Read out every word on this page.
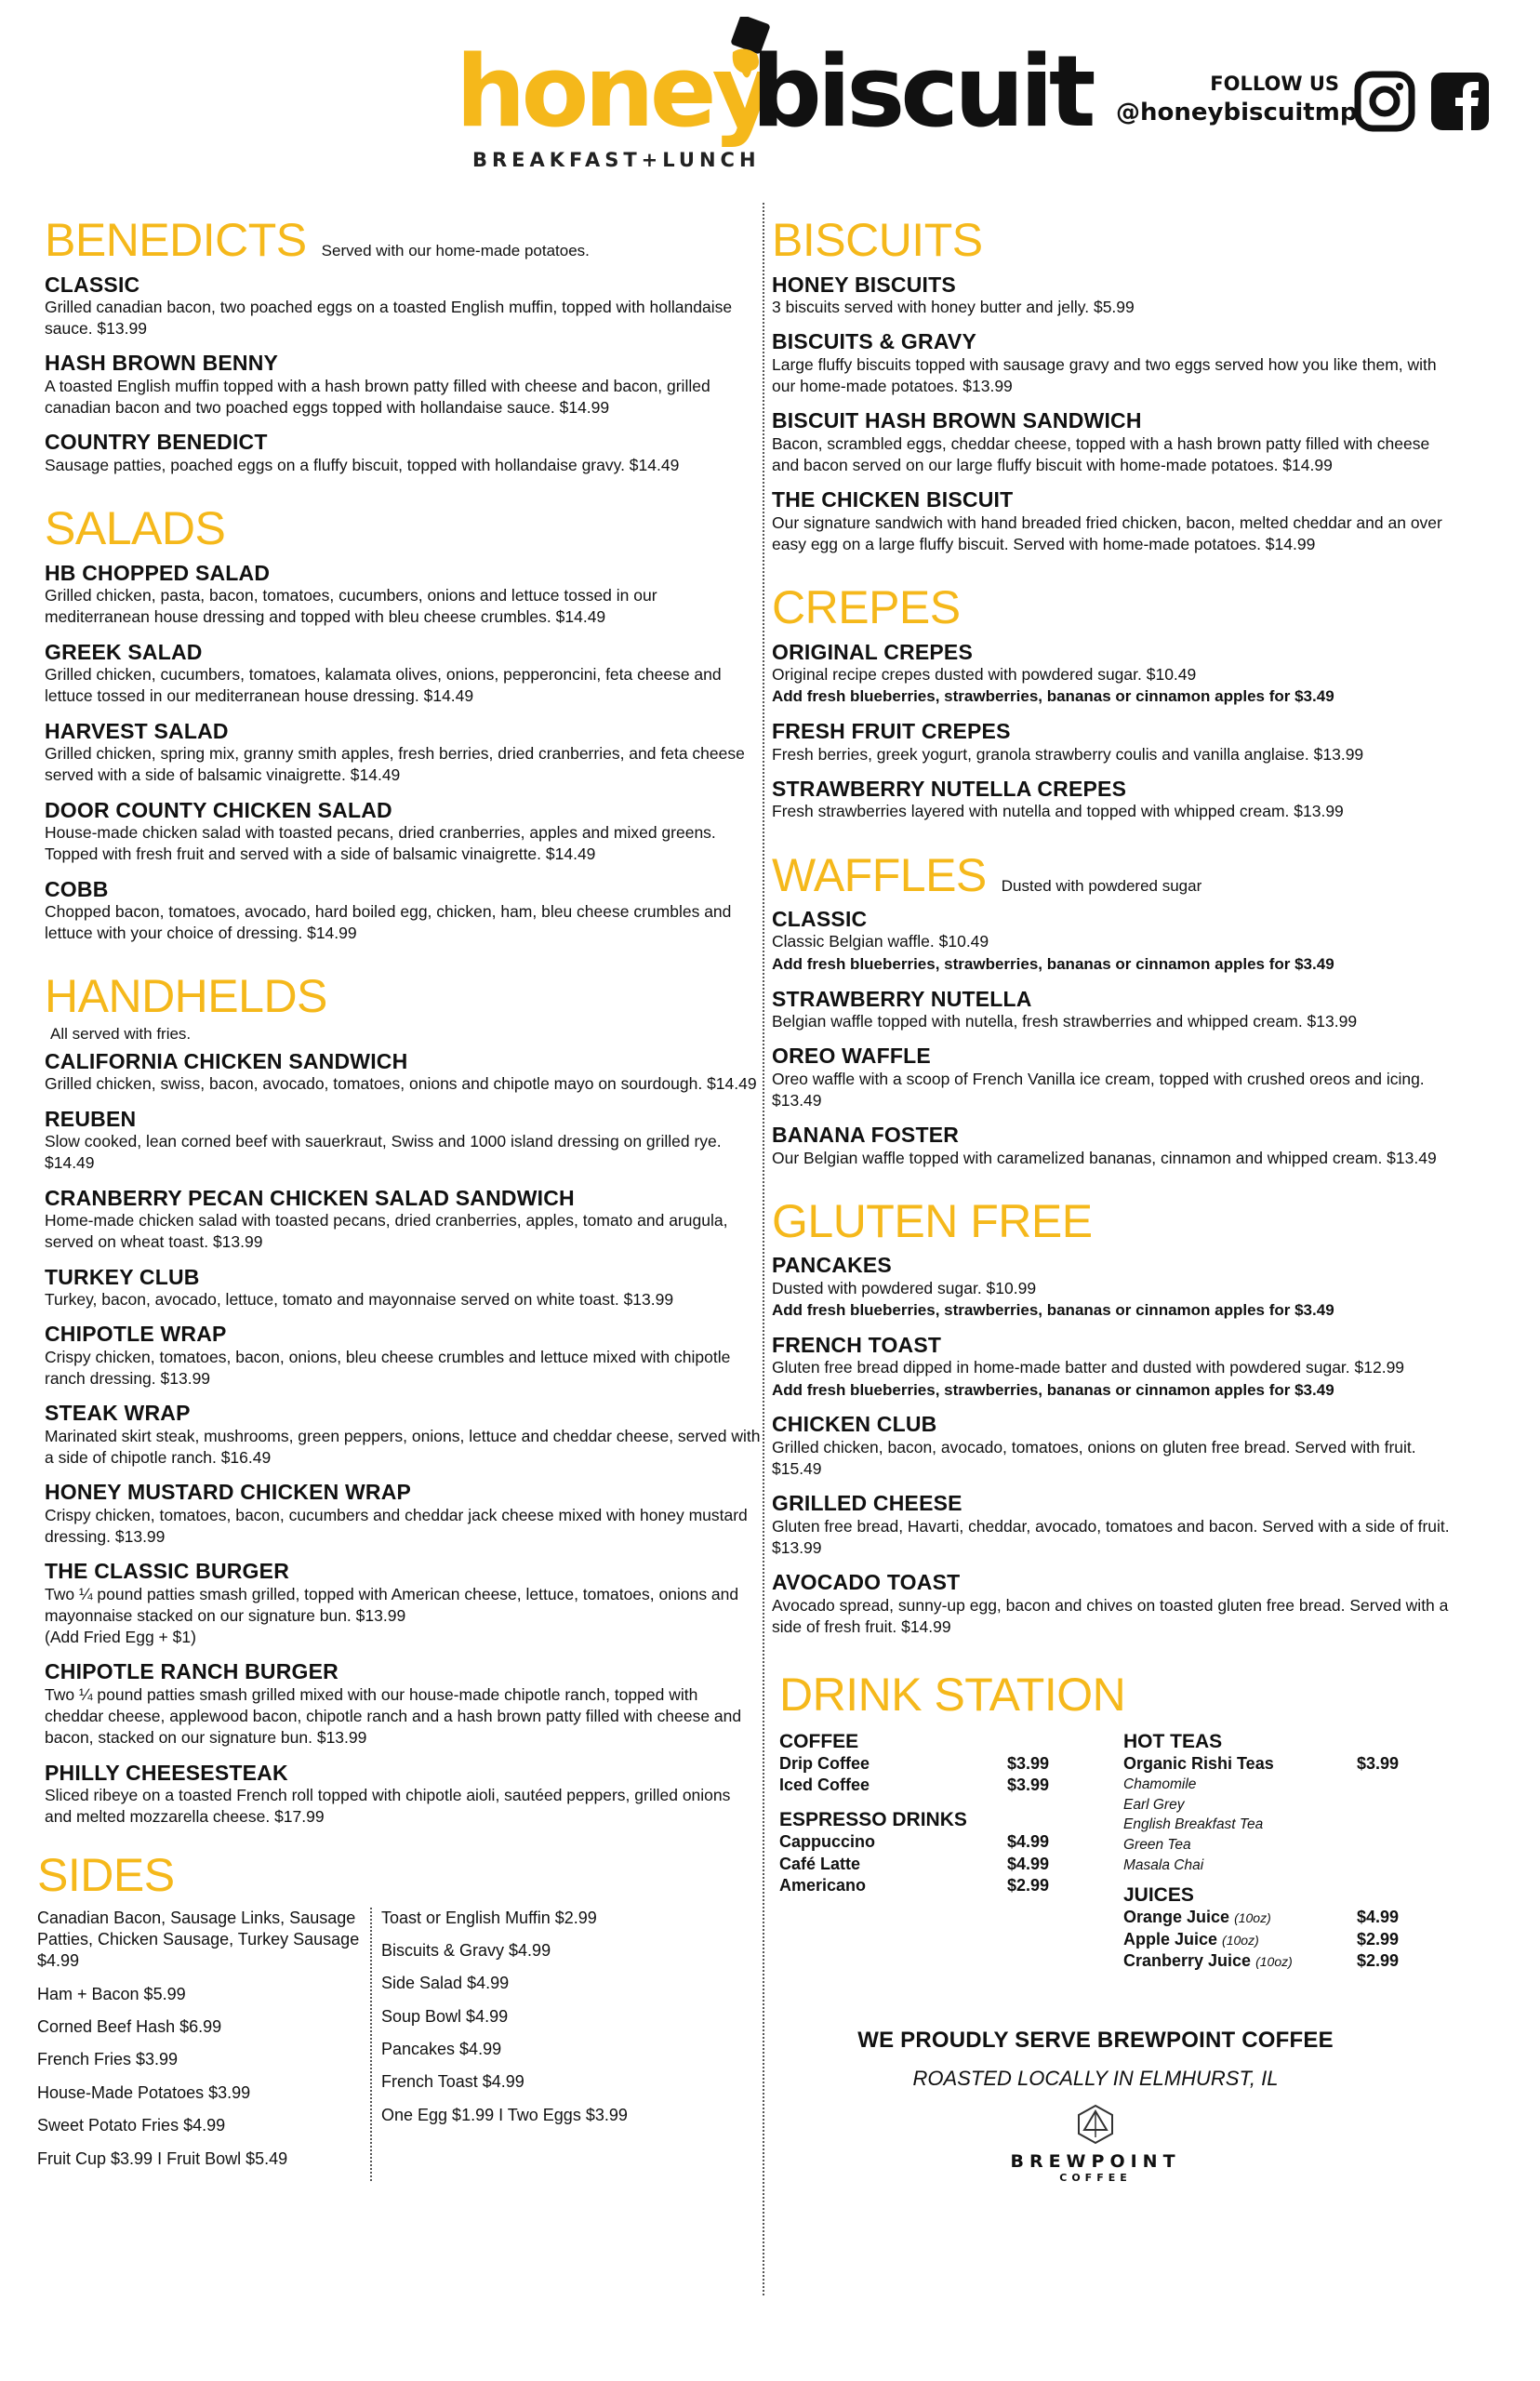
honey
biscuit
BREAKFAST+LUNCH
FOLLOW US
@honeybiscuitmp
BENEDICTS Served with our home-made potatoes.
CLASSIC
Grilled canadian bacon, two poached eggs on a toasted English muffin, topped with hollandaise sauce. $13.99
HASH BROWN BENNY
A toasted English muffin topped with a hash brown patty filled with cheese and bacon, grilled canadian bacon and two poached eggs topped with hollandaise sauce. $14.99
COUNTRY BENEDICT
Sausage patties, poached eggs on a fluffy biscuit, topped with hollandaise gravy. $14.49
SALADS
HB CHOPPED SALAD
Grilled chicken, pasta, bacon, tomatoes, cucumbers, onions and lettuce tossed in our mediterranean house dressing and topped with bleu cheese crumbles. $14.49
GREEK SALAD
Grilled chicken, cucumbers, tomatoes, kalamata olives, onions, pepperoncini, feta cheese and lettuce tossed in our mediterranean house dressing. $14.49
HARVEST SALAD
Grilled chicken, spring mix, granny smith apples, fresh berries, dried cranberries, and feta cheese served with a side of balsamic vinaigrette. $14.49
DOOR COUNTY CHICKEN SALAD
House-made chicken salad with toasted pecans, dried cranberries, apples and mixed greens. Topped with fresh fruit and served with a side of balsamic vinaigrette. $14.49
COBB
Chopped bacon, tomatoes, avocado, hard boiled egg, chicken, ham, bleu cheese crumbles and lettuce with your choice of dressing. $14.99
HANDHELDS
All served with fries.
CALIFORNIA CHICKEN SANDWICH
Grilled chicken, swiss, bacon, avocado, tomatoes, onions and chipotle mayo on sourdough. $14.49
REUBEN
Slow cooked, lean corned beef with sauerkraut, Swiss and 1000 island dressing on grilled rye. $14.49
CRANBERRY PECAN CHICKEN SALAD SANDWICH
Home-made chicken salad with toasted pecans, dried cranberries, apples, tomato and arugula, served on wheat toast. $13.99
TURKEY CLUB
Turkey, bacon, avocado, lettuce, tomato and mayonnaise served on white toast. $13.99
CHIPOTLE WRAP
Crispy chicken, tomatoes, bacon, onions, bleu cheese crumbles and lettuce mixed with chipotle ranch dressing. $13.99
STEAK WRAP
Marinated skirt steak, mushrooms, green peppers, onions, lettuce and cheddar cheese, served with a side of chipotle ranch. $16.49
HONEY MUSTARD CHICKEN WRAP
Crispy chicken, tomatoes, bacon, cucumbers and cheddar jack cheese mixed with honey mustard dressing. $13.99
THE CLASSIC BURGER
Two ¼ pound patties smash grilled, topped with American cheese, lettuce, tomatoes, onions and mayonnaise stacked on our signature bun. $13.99
(Add Fried Egg + $1)
CHIPOTLE RANCH BURGER
Two ¼ pound patties smash grilled mixed with our house-made chipotle ranch, topped with cheddar cheese, applewood bacon, chipotle ranch and a hash brown patty filled with cheese and bacon, stacked on our signature bun. $13.99
PHILLY CHEESESTEAK
Sliced ribeye on a toasted French roll topped with chipotle aioli, sautéed peppers, grilled onions and melted mozzarella cheese. $17.99
BISCUITS
HONEY BISCUITS
3 biscuits served with honey butter and jelly. $5.99
BISCUITS & GRAVY
Large fluffy biscuits topped with sausage gravy and two eggs served how you like them, with our home-made potatoes. $13.99
BISCUIT HASH BROWN SANDWICH
Bacon, scrambled eggs, cheddar cheese, topped with a hash brown patty filled with cheese and bacon served on our large fluffy biscuit with home-made potatoes. $14.99
THE CHICKEN BISCUIT
Our signature sandwich with hand breaded fried chicken, bacon, melted cheddar and an over easy egg on a large fluffy biscuit. Served with home-made potatoes. $14.99
CREPES
ORIGINAL CREPES
Original recipe crepes dusted with powdered sugar. $10.49
Add fresh blueberries, strawberries, bananas or cinnamon apples for $3.49
FRESH FRUIT CREPES
Fresh berries, greek yogurt, granola strawberry coulis and vanilla anglaise. $13.99
STRAWBERRY NUTELLA CREPES
Fresh strawberries layered with nutella and topped with whipped cream. $13.99
WAFFLES Dusted with powdered sugar
CLASSIC
Classic Belgian waffle. $10.49
Add fresh blueberries, strawberries, bananas or cinnamon apples for $3.49
STRAWBERRY NUTELLA
Belgian waffle topped with nutella, fresh strawberries and whipped cream. $13.99
OREO WAFFLE
Oreo waffle with a scoop of French Vanilla ice cream, topped with crushed oreos and icing. $13.49
BANANA FOSTER
Our Belgian waffle topped with caramelized bananas, cinnamon and whipped cream. $13.49
GLUTEN FREE
PANCAKES
Dusted with powdered sugar. $10.99
Add fresh blueberries, strawberries, bananas or cinnamon apples for $3.49
FRENCH TOAST
Gluten free bread dipped in home-made batter and dusted with powdered sugar. $12.99
Add fresh blueberries, strawberries, bananas or cinnamon apples for $3.49
CHICKEN CLUB
Grilled chicken, bacon, avocado, tomatoes, onions on gluten free bread. Served with fruit. $15.49
GRILLED CHEESE
Gluten free bread, Havarti, cheddar, avocado, tomatoes and bacon. Served with a side of fruit. $13.99
AVOCADO TOAST
Avocado spread, sunny-up egg, bacon and chives on toasted gluten free bread. Served with a side of fresh fruit. $14.99
SIDES
Canadian Bacon, Sausage Links, Sausage Patties, Chicken Sausage, Turkey Sausage $4.99
Ham + Bacon $5.99
Corned Beef Hash $6.99
French Fries $3.99
House-Made Potatoes $3.99
Sweet Potato Fries $4.99
Fruit Cup $3.99 I Fruit Bowl $5.49
Toast or English Muffin $2.99
Biscuits & Gravy $4.99
Side Salad $4.99
Soup Bowl $4.99
Pancakes $4.99
French Toast $4.99
One Egg $1.99 I Two Eggs $3.99
DRINK STATION
COFFEE
Drip Coffee	$3.99
Iced Coffee	$3.99
ESPRESSO DRINKS
Cappuccino	$4.99
Café Latte	$4.99
Americano	$2.99
HOT TEAS
Organic Rishi Teas	$3.99
Chamomile
Earl Grey
English Breakfast Tea
Green Tea
Masala Chai
JUICES
Orange Juice (10oz)	$4.99
Apple Juice (10oz)	$2.99
Cranberry Juice (10oz)	$2.99
WE PROUDLY SERVE BREWPOINT COFFEE
ROASTED LOCALLY IN ELMHURST, IL
BREWPOINT
COFFEE
